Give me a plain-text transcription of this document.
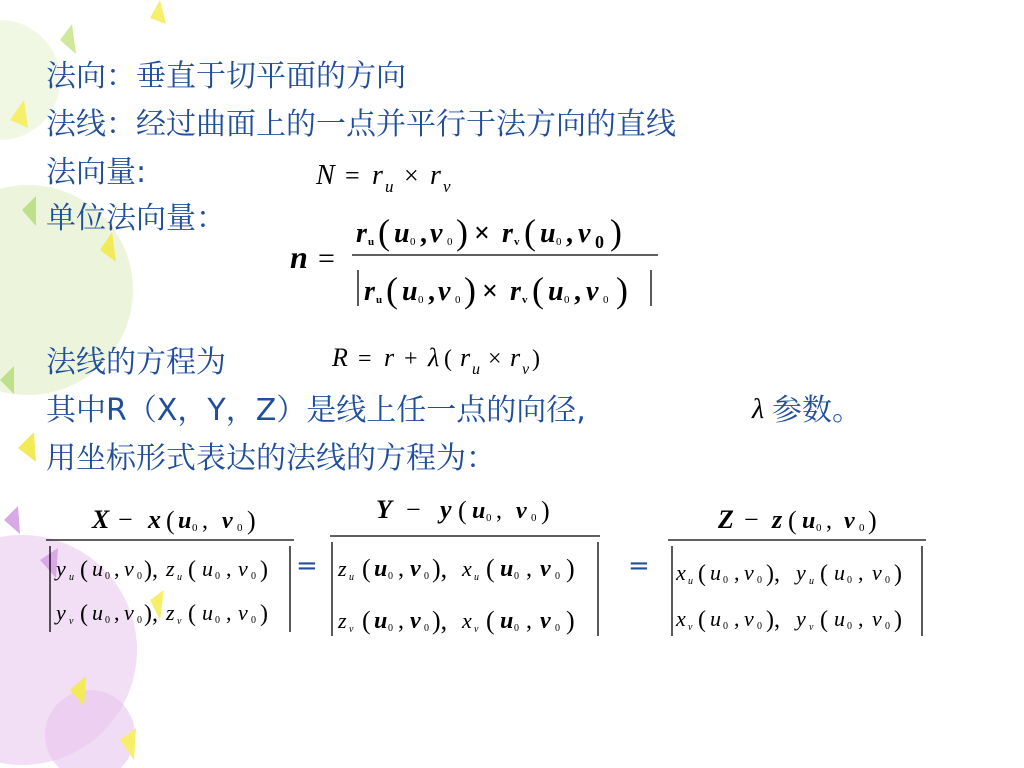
法向：垂直于切平面的方向
法线：经过曲面上的一点并平行于法方向的直线
法向量:
单位法向量：
法线的方程为
其中R（X，Y，Z）是线上任一点的向径,	参数。
用坐标形式表达的法线的方程为：
N = r u × r v
n =
r u ( u 0 , v 0 ) × r v ( u 0 , v 0 )
r u ( u 0 , v 0 ) × r v ( u 0 , v 0 )
R = r + λ ( r u × r v )
λ
X − x ( u 0 , v 0 )
y u ( u 0 , v 0 ), z u ( u 0 , v 0 )
y v ( u 0 , v 0 ), z v ( u 0 , v 0 )
=
Y − y ( u 0 , v 0 )
z u ( u 0 , v 0 ), x u ( u 0 , v 0 )
z v ( u 0 , v 0 ), x v ( u 0 , v 0 )
=
Z − z ( u 0 , v 0 )
x u ( u 0 , v 0 ), y u ( u 0 , v 0 )
x v ( u 0 , v 0 ), y v ( u 0 , v 0 )
